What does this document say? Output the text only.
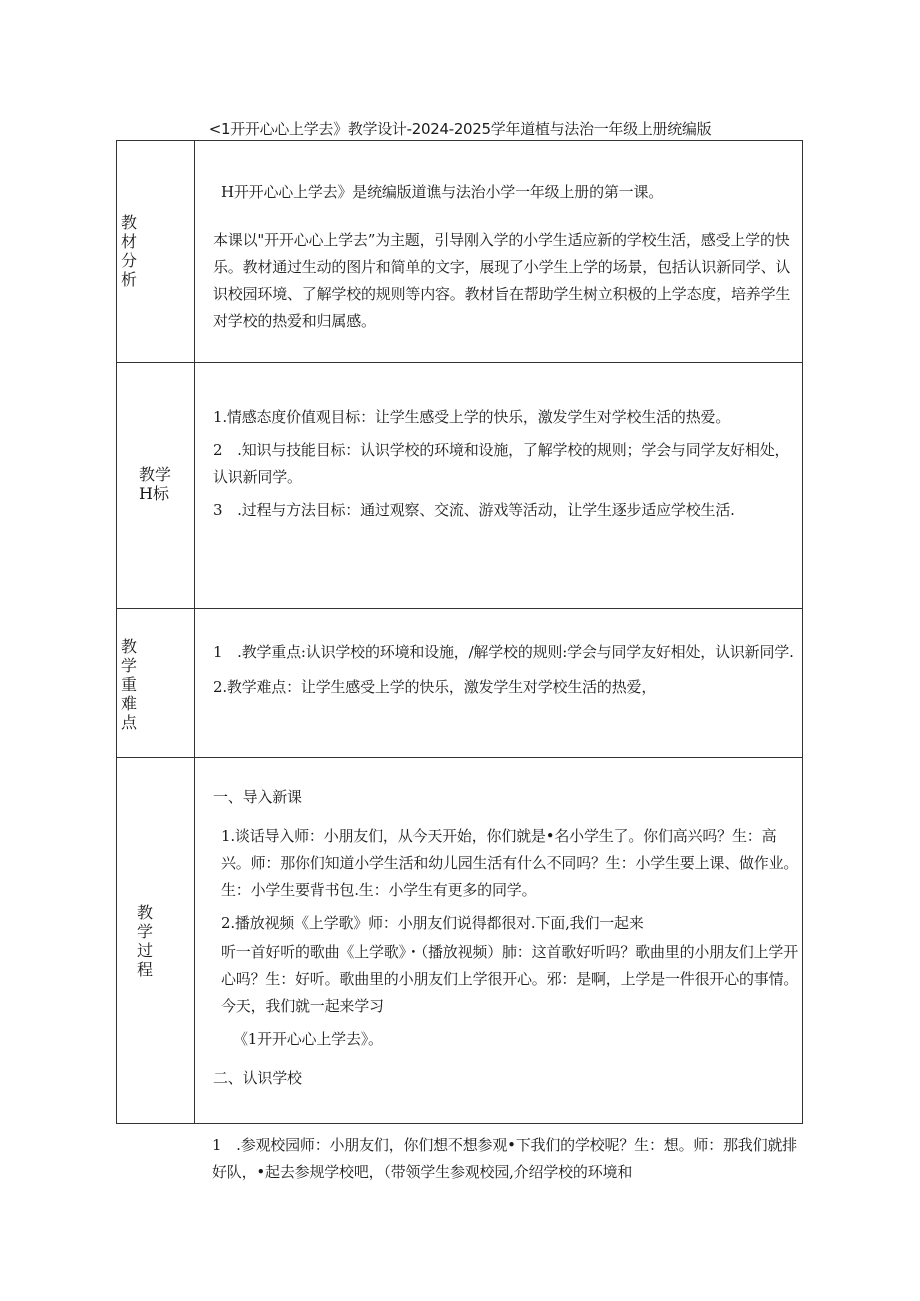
<1开开心心上学去》教学设计-2024-2025学年道植与法治一年级上册统编版
教材分析

H开开心心上学去》是统编版道谯与法治小学一年级上册的第一课。

本课以"开开心心上学去”为主题，引导刚入学的小学生适应新的学校生活，感受上学的快乐。教材通过生动的图片和简单的文字，展现了小学生上学的场景，包括认识新同学、认识校园环境、了解学校的规则等内容。教材旨在帮助学生树立积极的上学态度，培养学生对学校的热爱和归属感。

教学H标

1.情感态度价值观目标：让学生感受上学的快乐，激发学生对学校生活的热爱。

2　.知识与技能目标：认识学校的环境和设施，了解学校的规则；学会与同学友好相处，认识新同学。

3　.过程与方法目标：通过观察、交流、游戏等活动，让学生逐步适应学校生活.

教学重难点

1　.教学重点:认识学校的环境和设施，/解学校的规则:学会与同学友好相处，认识新同学.

2.教学难点：让学生感受上学的快乐，激发学生对学校生活的热爱，

教学过程

一、导入新课

1.谈话导入师：小朋友们，从今天开始，你们就是•名小学生了。你们高兴吗？生：高兴。师：那你们知道小学生活和幼儿园生活有什么不同吗？生：小学生要上课、做作业。生：小学生要背书包.生：小学生有更多的同学。

2.播放视频《上学歌》师：小朋友们说得都很对.下面,我们一起来

听一首好听的歌曲《上学歌》・（播放视频）肺：这首歌好听吗？歌曲里的小朋友们上学开心吗？生：好听。歌曲里的小朋友们上学很开心。邪：是啊，上学是一件很开心的事情。今天，我们就一起来学习

《1开开心心上学去》。

二、认识学校

1　.参观校园师：小朋友们，你们想不想参观•下我们的学校呢？生：想。师：那我们就排好队，•起去参规学校吧，（带领学生参观校园,介绍学校的环境和
